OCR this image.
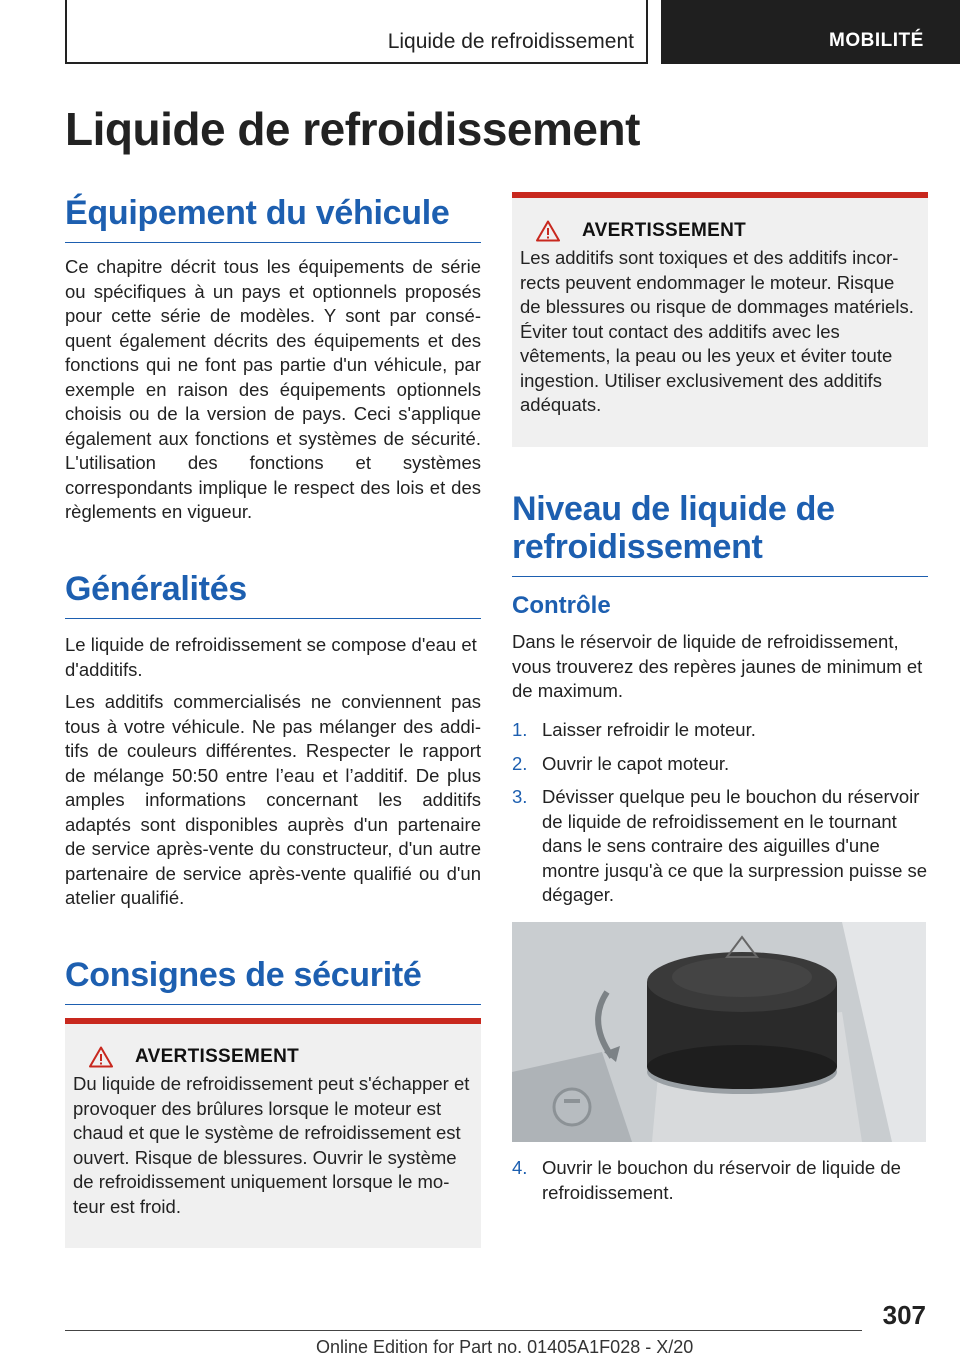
Liquide de refroidissement	MOBILITÉ
Liquide de refroidissement
Équipement du véhicule

Ce chapitre décrit tous les équipements de série ou spécifiques à un pays et optionnels proposés pour cette série de modèles. Y sont par conséquent également décrits des équipements et des fonctions qui ne font pas partie d'un véhicule, par exemple en raison des équipements optionnels choisis ou de la version de pays. Ceci s'applique également aux fonctions et systèmes de sécurité. L'utilisation des fonctions et systèmes correspondants implique le respect des lois et des règlements en vigueur.

Généralités

Le liquide de refroidissement se compose d'eau et d'additifs.

Les additifs commercialisés ne conviennent pas tous à votre véhicule. Ne pas mélanger des additifs de couleurs différentes. Respecter le rapport de mélange 50:50 entre l’eau et l’additif. De plus amples informations concernant les additifs adaptés sont disponibles auprès d'un partenaire de service après-vente du constructeur, d'un autre partenaire de service après-vente qualifié ou d'un atelier qualifié.

Consignes de sécurité
AVERTISSEMENT
Du liquide de refroidissement peut s'échapper et provoquer des brûlures lorsque le moteur est chaud et que le système de refroidissement est ouvert. Risque de blessures. Ouvrir le système de refroidissement uniquement lorsque le moteur est froid.
AVERTISSEMENT
Les additifs sont toxiques et des additifs incorrects peuvent endommager le moteur. Risque de blessures ou risque de dommages matériels. Éviter tout contact des additifs avec les vêtements, la peau ou les yeux et éviter toute ingestion. Utiliser exclusivement des additifs adéquats.
Niveau de liquide de refroidissement
Contrôle

Dans le réservoir de liquide de refroidissement, vous trouverez des repères jaunes de minimum et de maximum.

1. Laisser refroidir le moteur.
2. Ouvrir le capot moteur.
3. Dévisser quelque peu le bouchon du réservoir de liquide de refroidissement en le tournant dans le sens contraire des aiguilles d'une montre jusqu'à ce que la surpression puisse se dégager.
4. Ouvrir le bouchon du réservoir de liquide de refroidissement.
307
Online Edition for Part no. 01405A1F028 - X/20
